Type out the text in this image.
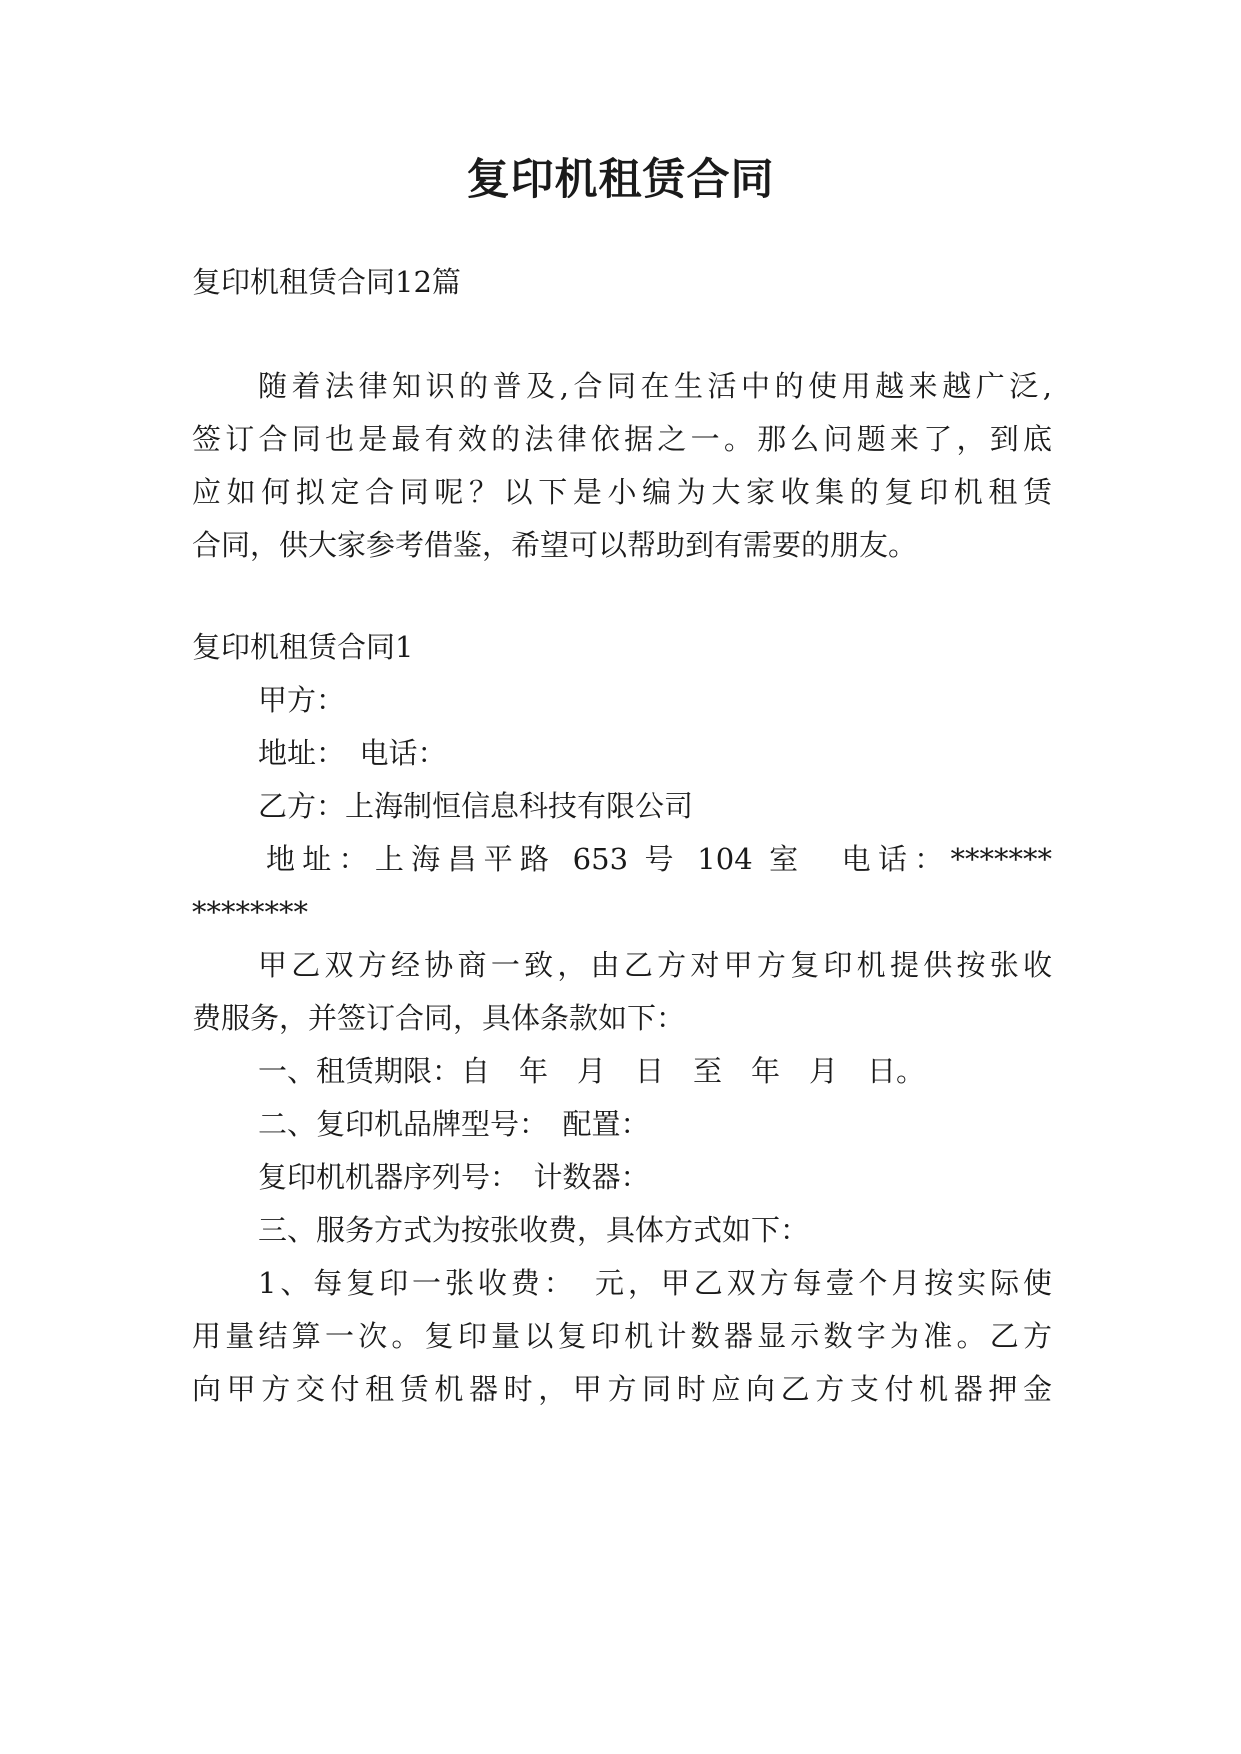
复印机租赁合同
复印机租赁合同12篇
随着法律知识的普及,合同在生活中的使用越来越广泛,
签订合同也是最有效的法律依据之一。那么问题来了，到底
应如何拟定合同呢？以下是小编为大家收集的复印机租赁
合同，供大家参考借鉴，希望可以帮助到有需要的朋友。
复印机租赁合同1
甲方：
地址：　电话：
乙方：上海制恒信息科技有限公司
地址：上海昌平路 653 号 104 室　电话：*******
********
甲乙双方经协商一致，由乙方对甲方复印机提供按张收
费服务，并签订合同，具体条款如下：
一、租赁期限：自　年　月　日　至　年　月　日。
二、复印机品牌型号：　配置：
复印机机器序列号：　计数器：
三、服务方式为按张收费，具体方式如下：
1、每复印一张收费：　元，甲乙双方每壹个月按实际使
用量结算一次。复印量以复印机计数器显示数字为准。乙方
向甲方交付租赁机器时，甲方同时应向乙方支付机器押金
